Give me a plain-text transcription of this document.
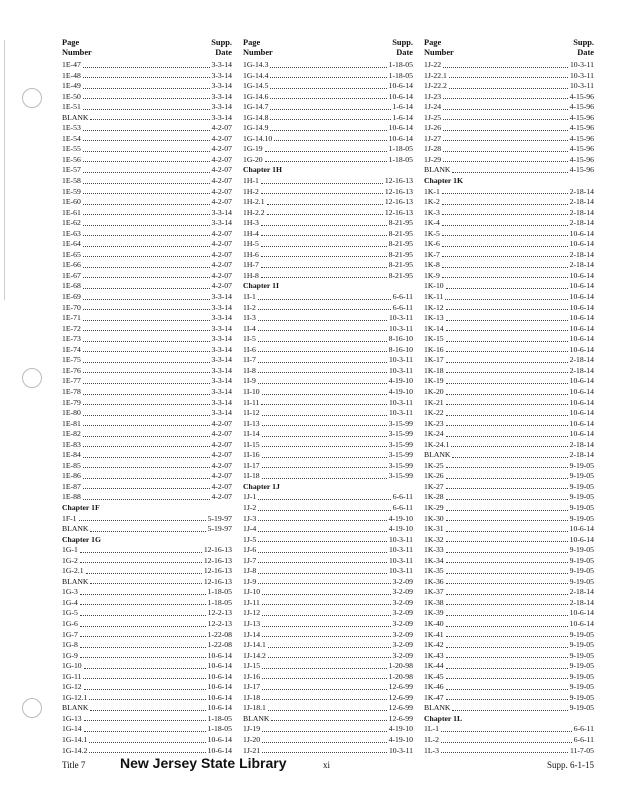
Page
Number
Supp.
Date
1E-47	3-3-14
1E-48	3-3-14
1E-49	3-3-14
1E-50	3-3-14
1E-51	3-3-14
BLANK	3-3-14
1E-53	4-2-07
1E-54	4-2-07
1E-55	4-2-07
1E-56	4-2-07
1E-57	4-2-07
1E-58	4-2-07
1E-59	4-2-07
1E-60	4-2-07
1E-61	3-3-14
1E-62	3-3-14
1E-63	4-2-07
1E-64	4-2-07
1E-65	4-2-07
1E-66	4-2-07
1E-67	4-2-07
1E-68	4-2-07
1E-69	3-3-14
1E-70	3-3-14
1E-71	3-3-14
1E-72	3-3-14
1E-73	3-3-14
1E-74	3-3-14
1E-75	3-3-14
1E-76	3-3-14
1E-77	3-3-14
1E-78	3-3-14
1E-79	3-3-14
1E-80	3-3-14
1E-81	4-2-07
1E-82	4-2-07
1E-83	4-2-07
1E-84	4-2-07
1E-85	4-2-07
1E-86	4-2-07
1E-87	4-2-07
1E-88	4-2-07
Chapter 1F
1F-1	5-19-97
BLANK	5-19-97
Chapter 1G
1G-1	12-16-13
1G-2	12-16-13
1G-2.1	12-16-13
BLANK	12-16-13
1G-3	1-18-05
1G-4	1-18-05
1G-5	12-2-13
1G-6	12-2-13
1G-7	1-22-08
1G-8	1-22-08
1G-9	10-6-14
1G-10	10-6-14
1G-11	10-6-14
1G-12	10-6-14
1G-12.1	10-6-14
BLANK	10-6-14
1G-13	1-18-05
1G-14	1-18-05
1G-14.1	10-6-14
1G-14.2	10-6-14
Page
Number
Supp.
Date
1G-14.3	1-18-05
1G-14.4	1-18-05
1G-14.5	10-6-14
1G-14.6	10-6-14
1G-14.7	1-6-14
1G-14.8	1-6-14
1G-14.9	10-6-14
1G-14.10	10-6-14
1G-19	1-18-05
1G-20	1-18-05
Chapter 1H
1H-1	12-16-13
1H-2	12-16-13
1H-2.1	12-16-13
1H-2.2	12-16-13
1H-3	8-21-95
1H-4	8-21-95
1H-5	8-21-95
1H-6	8-21-95
1H-7	8-21-95
1H-8	8-21-95
Chapter 1I
1I-1	6-6-11
1I-2	6-6-11
1I-3	10-3-11
1I-4	10-3-11
1I-5	8-16-10
1I-6	8-16-10
1I-7	10-3-11
1I-8	10-3-11
1I-9	4-19-10
1I-10	4-19-10
1I-11	10-3-11
1I-12	10-3-11
1I-13	3-15-99
1I-14	3-15-99
1I-15	3-15-99
1I-16	3-15-99
1I-17	3-15-99
1I-18	3-15-99
Chapter 1J
1J-1	6-6-11
1J-2	6-6-11
1J-3	4-19-10
1J-4	4-19-10
1J-5	10-3-11
1J-6	10-3-11
1J-7	10-3-11
1J-8	10-3-11
1J-9	3-2-09
1J-10	3-2-09
1J-11	3-2-09
1J-12	3-2-09
1J-13	3-2-09
1J-14	3-2-09
1J-14.1	3-2-09
1J-14.2	3-2-09
1J-15	1-20-98
1J-16	1-20-98
1J-17	12-6-99
1J-18	12-6-99
1J-18.1	12-6-99
BLANK	12-6-99
1J-19	4-19-10
1J-20	4-19-10
1J-21	10-3-11
Page
Number
Supp.
Date
1J-22	10-3-11
1J-22.1	10-3-11
1J-22.2	10-3-11
1J-23	4-15-96
1J-24	4-15-96
1J-25	4-15-96
1J-26	4-15-96
1J-27	4-15-96
1J-28	4-15-96
1J-29	4-15-96
BLANK	4-15-96
Chapter 1K
1K-1	2-18-14
1K-2	2-18-14
1K-3	2-18-14
1K-4	2-18-14
1K-5	10-6-14
1K-6	10-6-14
1K-7	2-18-14
1K-8	2-18-14
1K-9	10-6-14
1K-10	10-6-14
1K-11	10-6-14
1K-12	10-6-14
1K-13	10-6-14
1K-14	10-6-14
1K-15	10-6-14
1K-16	10-6-14
1K-17	2-18-14
1K-18	2-18-14
1K-19	10-6-14
1K-20	10-6-14
1K-21	10-6-14
1K-22	10-6-14
1K-23	10-6-14
1K-24	10-6-14
1K-24.1	2-18-14
BLANK	2-18-14
1K-25	9-19-05
1K-26	9-19-05
1K-27	9-19-05
1K-28	9-19-05
1K-29	9-19-05
1K-30	9-19-05
1K-31	10-6-14
1K-32	10-6-14
1K-33	9-19-05
1K-34	9-19-05
1K-35	9-19-05
1K-36	9-19-05
1K-37	2-18-14
1K-38	2-18-14
1K-39	10-6-14
1K-40	10-6-14
1K-41	9-19-05
1K-42	9-19-05
1K-43	9-19-05
1K-44	9-19-05
1K-45	9-19-05
1K-46	9-19-05
1K-47	9-19-05
BLANK	9-19-05
Chapter 1L
1L-1	6-6-11
1L-2	6-6-11
1L-3	11-7-05
Title 7 New Jersey State Library	xi	Supp. 6-1-15
